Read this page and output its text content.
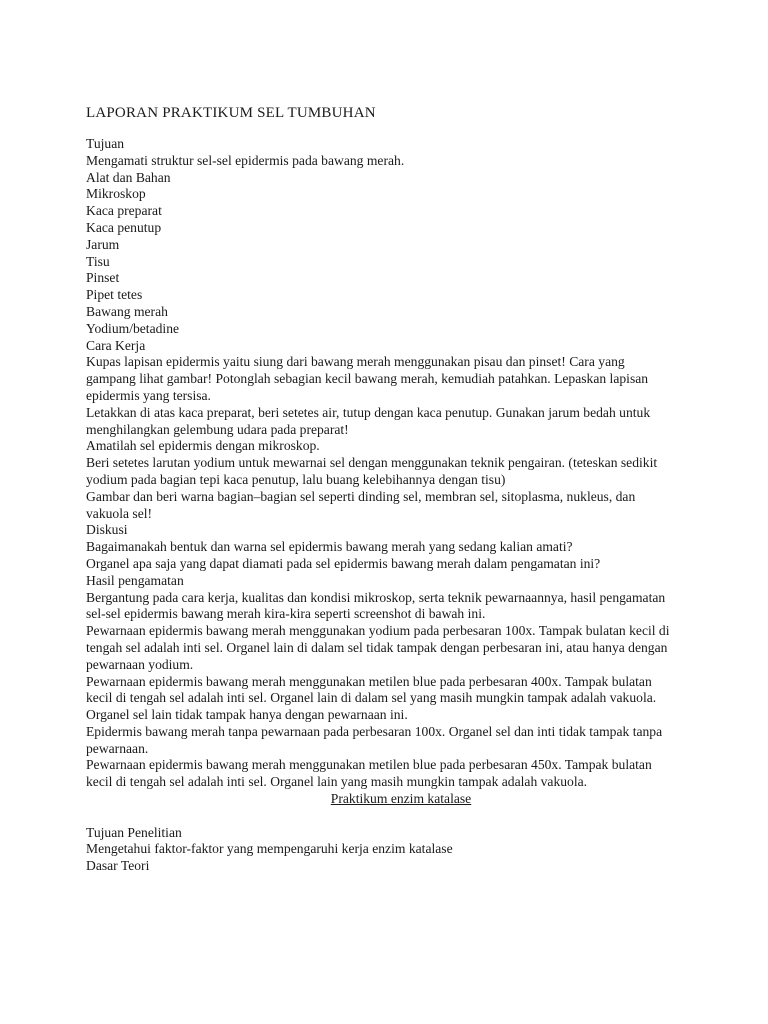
LAPORAN PRAKTIKUM SEL TUMBUHAN

Tujuan

Mengamati struktur sel-sel epidermis pada bawang merah.

Alat dan Bahan

Mikroskop

Kaca preparat

Kaca penutup

Jarum

Tisu

Pinset

Pipet tetes

Bawang merah

Yodium/betadine

Cara Kerja

Kupas lapisan epidermis yaitu siung dari bawang merah menggunakan pisau dan pinset! Cara yang gampang lihat gambar! Potonglah sebagian kecil bawang merah, kemudiah patahkan. Lepaskan lapisan epidermis yang tersisa.

Letakkan di atas kaca preparat, beri setetes air, tutup dengan kaca penutup. Gunakan jarum bedah untuk menghilangkan gelembung udara pada preparat!

Amatilah sel epidermis dengan mikroskop.

Beri setetes larutan yodium untuk mewarnai sel dengan menggunakan teknik pengairan. (teteskan sedikit yodium pada bagian tepi kaca penutup, lalu buang kelebihannya dengan tisu)

Gambar dan beri warna bagian–bagian sel seperti dinding sel, membran sel, sitoplasma, nukleus, dan vakuola sel!

Diskusi

Bagaimanakah bentuk dan warna sel epidermis bawang merah yang sedang kalian amati?

Organel apa saja yang dapat diamati pada sel epidermis bawang merah dalam pengamatan ini?

Hasil pengamatan

Bergantung pada cara kerja, kualitas dan kondisi mikroskop, serta teknik pewarnaannya, hasil pengamatan sel-sel epidermis bawang merah kira-kira seperti screenshot di bawah ini.

Pewarnaan epidermis bawang merah menggunakan yodium pada perbesaran 100x. Tampak bulatan kecil di tengah sel adalah inti sel. Organel lain di dalam sel tidak tampak dengan perbesaran ini, atau hanya dengan pewarnaan yodium.

Pewarnaan epidermis bawang merah menggunakan metilen blue pada perbesaran 400x. Tampak bulatan kecil di tengah sel adalah inti sel. Organel lain di dalam sel yang masih mungkin tampak adalah vakuola. Organel sel lain tidak tampak hanya dengan pewarnaan ini.

Epidermis bawang merah tanpa pewarnaan pada perbesaran 100x. Organel sel dan inti tidak tampak tanpa pewarnaan.

Pewarnaan epidermis bawang merah menggunakan metilen blue pada perbesaran 450x. Tampak bulatan kecil di tengah sel adalah inti sel. Organel lain yang masih mungkin tampak adalah vakuola.

Praktikum enzim katalase

Tujuan Penelitian

Mengetahui faktor-faktor yang mempengaruhi kerja enzim katalase

Dasar Teori
